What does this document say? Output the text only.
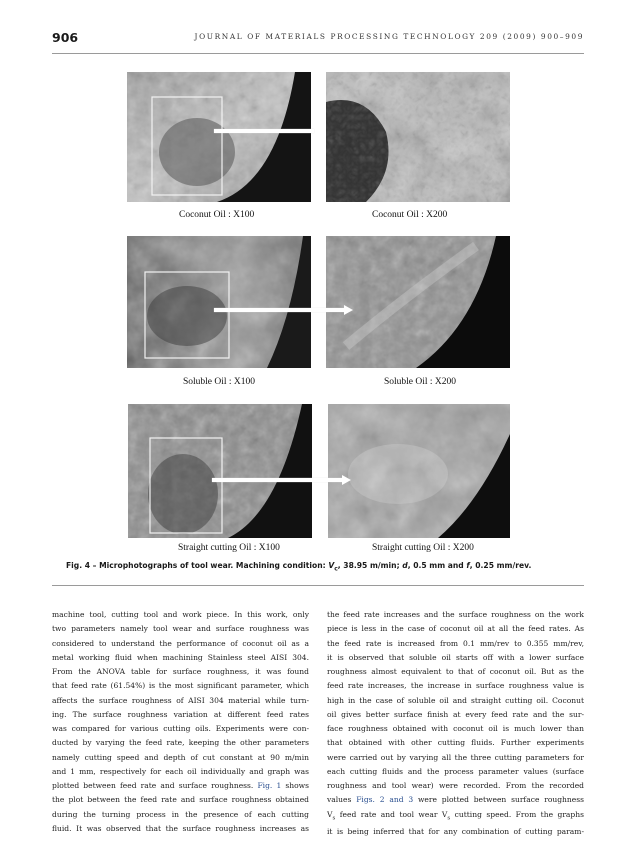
906	JOURNAL OF MATERIALS PROCESSING TECHNOLOGY 209 (2009) 900–909
Coconut Oil : X100	Coconut Oil : X200
Soluble Oil : X100	Soluble Oil : X200
Straight cutting Oil : X100	Straight cutting Oil : X200
Fig. 4 – Microphotographs of tool wear. Machining condition: $V_c$, 38.95 m/min; d, 0.5 mm and f, 0.25 mm/rev.
machine tool, cutting tool and work piece. In this work, only
two parameters namely tool wear and surface roughness was
considered to understand the performance of coconut oil as a
metal working fluid when machining Stainless steel AISI 304.
From the ANOVA table for surface roughness, it was found
that feed rate (61.54%) is the most significant parameter, which
affects the surface roughness of AISI 304 material while turn-
ing. The surface roughness variation at different feed rates
was compared for various cutting oils. Experiments were con-
ducted by varying the feed rate, keeping the other parameters
namely cutting speed and depth of cut constant at 90 m/min
and 1 mm, respectively for each oil individually and graph was
plotted between feed rate and surface roughness. Fig. 1 shows
the plot between the feed rate and surface roughness obtained
during the turning process in the presence of each cutting
fluid. It was observed that the surface roughness increases as
the feed rate increases and the surface roughness on the work
piece is less in the case of coconut oil at all the feed rates. As
the feed rate is increased from 0.1 mm/rev to 0.355 mm/rev,
it is observed that soluble oil starts off with a lower surface
roughness almost equivalent to that of coconut oil. But as the
feed rate increases, the increase in surface roughness value is
high in the case of soluble oil and straight cutting oil. Coconut
oil gives better surface finish at every feed rate and the sur-
face roughness obtained with coconut oil is much lower than
that obtained with other cutting fluids. Further experiments
were carried out by varying all the three cutting parameters for
each cutting fluids and the process parameter values (surface
roughness and tool wear) were recorded. From the recorded
values Figs. 2 and 3 were plotted between surface roughness
$V_s$ feed rate and tool wear $V_s$ cutting speed. From the graphs
it is being inferred that for any combination of cutting param-
